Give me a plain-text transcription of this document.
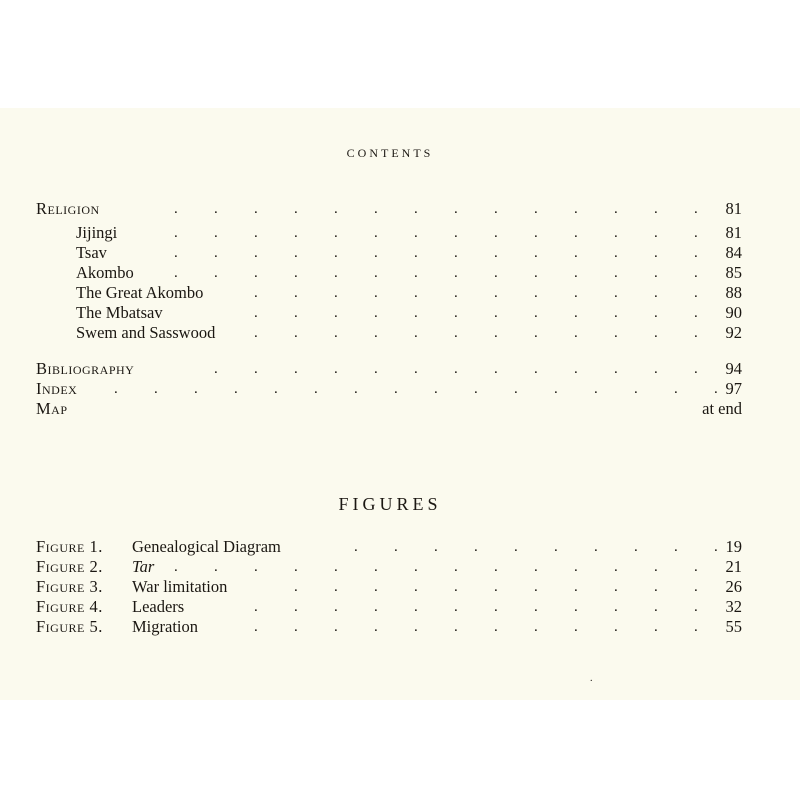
CONTENTS
. . . . . . . . . . . . . .
Religion	81
. . . . . . . . . . . . . .
Jijingi	81
. . . . . . . . . . . . . .
Tsav	84
. . . . . . . . . . . . . .
Akombo	85
. . . . . . . . . . . .
The Great Akombo	88
. . . . . . . . . . . .
The Mbatsav	90
. . . . . . . . . . . .
Swem and Sasswood	92
. . . . . . . . . . . . .
Bibliography	94
. . . . . . . . . . . . . . . .
Index	97
Map	at end
FIGURES
. . . . . . . . . .
Figure 1. Genealogical Diagram	19
. . . . . . . . . . . . . .
Figure 2. Tar	21
. . . . . . . . . . .
Figure 3. War limitation	26
. . . . . . . . . . . .
Figure 4. Leaders	32
. . . . . . . . . . . .
Figure 5. Migration	55
.
